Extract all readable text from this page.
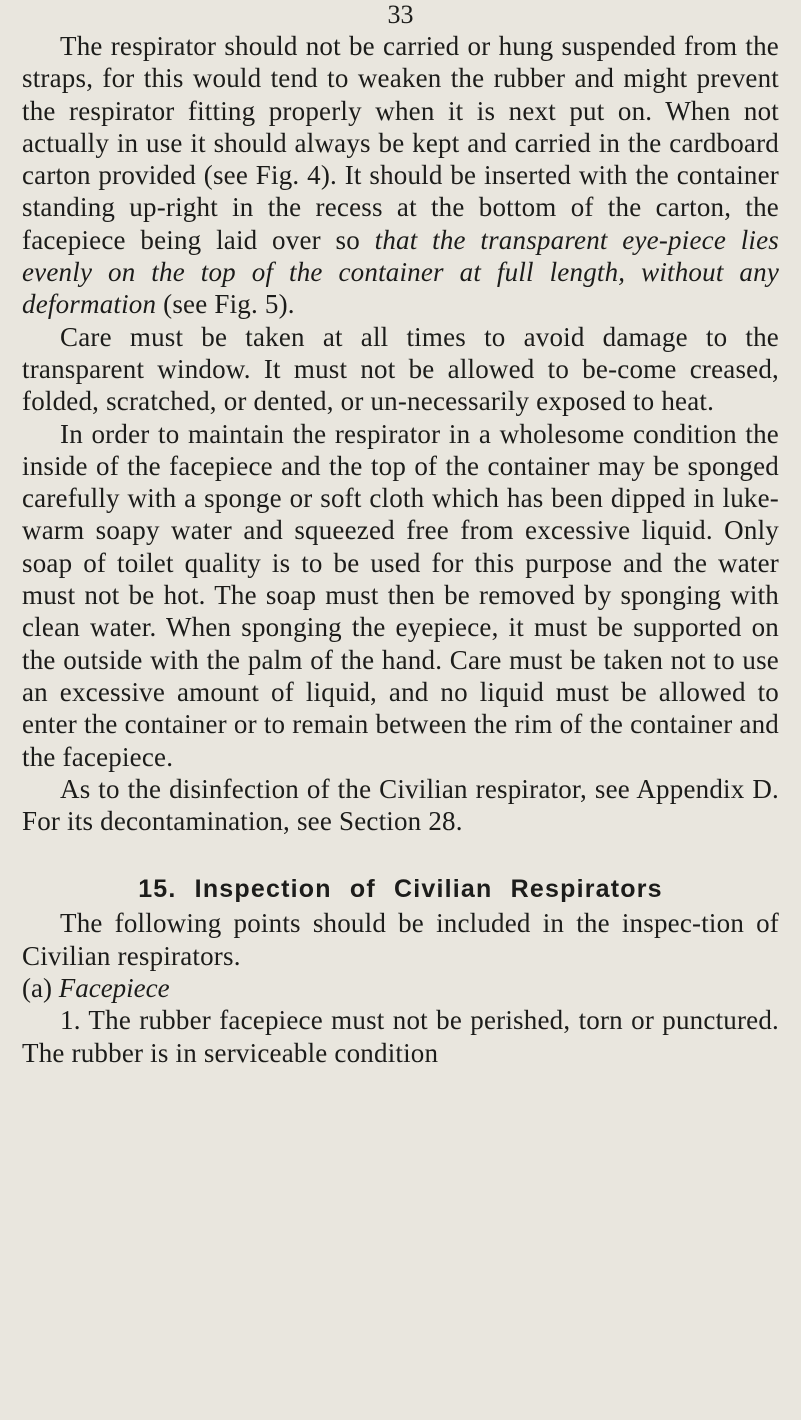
33

The respirator should not be carried or hung suspended from the straps, for this would tend to weaken the rubber and might prevent the respirator fitting properly when it is next put on. When not actually in use it should always be kept and carried in the cardboard carton provided (see Fig. 4). It should be inserted with the container standing up-right in the recess at the bottom of the carton, the facepiece being laid over so that the transparent eye-piece lies evenly on the top of the container at full length, without any deformation (see Fig. 5).

Care must be taken at all times to avoid damage to the transparent window. It must not be allowed to be-come creased, folded, scratched, or dented, or un-necessarily exposed to heat.

In order to maintain the respirator in a wholesome condition the inside of the facepiece and the top of the container may be sponged carefully with a sponge or soft cloth which has been dipped in luke-warm soapy water and squeezed free from excessive liquid. Only soap of toilet quality is to be used for this purpose and the water must not be hot. The soap must then be removed by sponging with clean water. When sponging the eyepiece, it must be supported on the outside with the palm of the hand. Care must be taken not to use an excessive amount of liquid, and no liquid must be allowed to enter the container or to remain between the rim of the container and the facepiece.

As to the disinfection of the Civilian respirator, see Appendix D. For its decontamination, see Section 28.

15. Inspection of Civilian Respirators

The following points should be included in the inspec-tion of Civilian respirators.

(a) Facepiece

1. The rubber facepiece must not be perished, torn or punctured. The rubber is in serviceable condition
